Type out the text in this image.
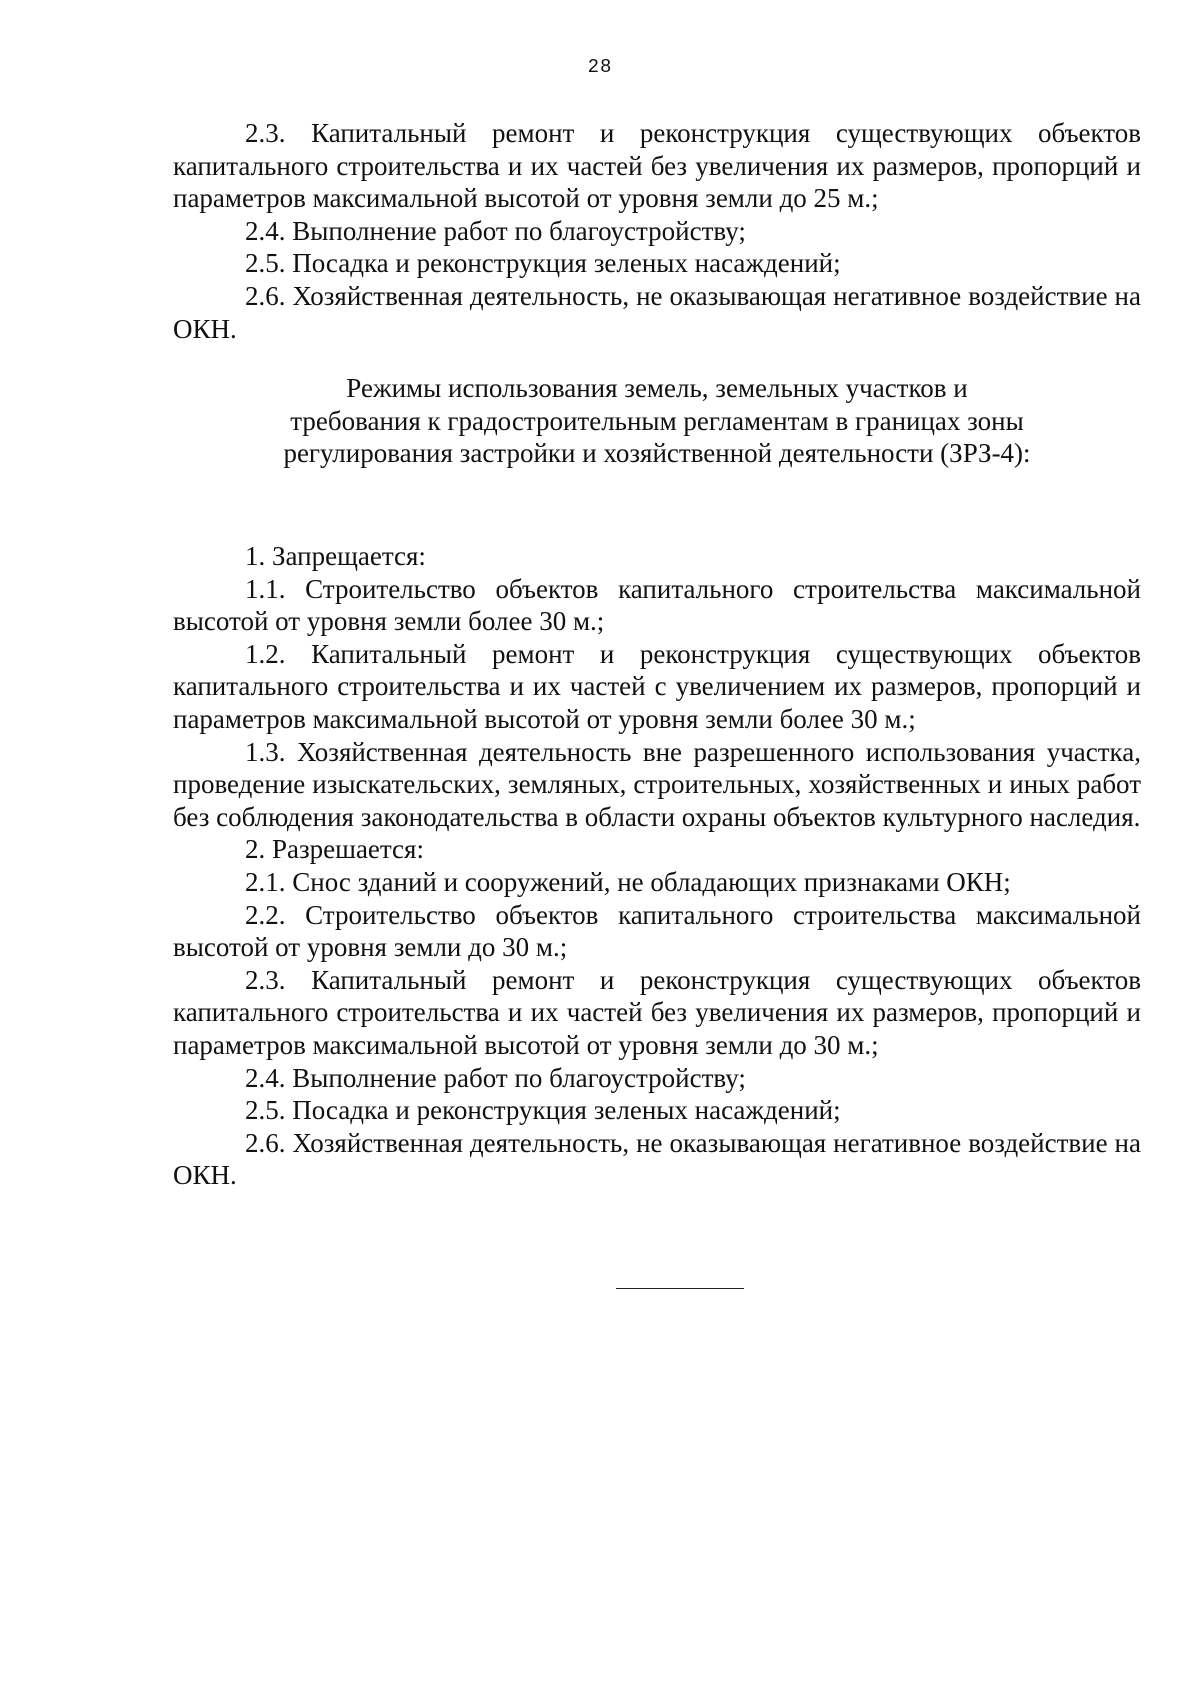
28

2.3. Капитальный ремонт и реконструкция существующих объектов капитального строительства и их частей без увеличения их размеров, пропорций и параметров максимальной высотой от уровня земли до 25 м.;

2.4. Выполнение работ по благоустройству;

2.5. Посадка и реконструкция зеленых насаждений;

2.6. Хозяйственная деятельность, не оказывающая негативное воздействие на ОКН.

Режимы использования земель, земельных участков и
требования к градостроительным регламентам в границах зоны
регулирования застройки и хозяйственной деятельности (ЗРЗ-4):

1. Запрещается:

1.1. Строительство объектов капитального строительства максимальной высотой от уровня земли более 30 м.;

1.2. Капитальный ремонт и реконструкция существующих объектов капитального строительства и их частей с увеличением их размеров, пропорций и параметров максимальной высотой от уровня земли более 30 м.;

1.3. Хозяйственная деятельность вне разрешенного использования участка, проведение изыскательских, земляных, строительных, хозяйственных и иных работ без соблюдения законодательства в области охраны объектов культурного наследия.

2. Разрешается:

2.1. Снос зданий и сооружений, не обладающих признаками ОКН;

2.2. Строительство объектов капитального строительства максимальной высотой от уровня земли до 30 м.;

2.3. Капитальный ремонт и реконструкция существующих объектов капитального строительства и их частей без увеличения их размеров, пропорций и параметров максимальной высотой от уровня земли до 30 м.;

2.4. Выполнение работ по благоустройству;

2.5. Посадка и реконструкция зеленых насаждений;

2.6. Хозяйственная деятельность, не оказывающая негативное воздействие на ОКН.
